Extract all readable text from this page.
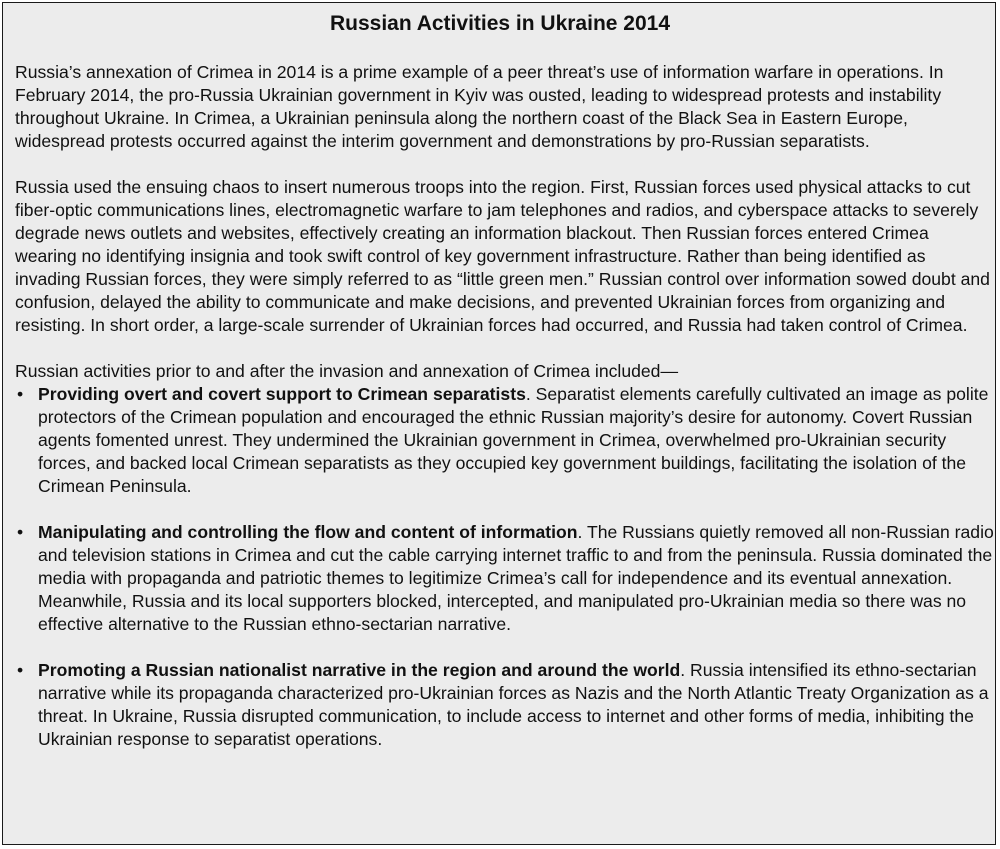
Russian Activities in Ukraine 2014

Russia’s annexation of Crimea in 2014 is a prime example of a peer threat’s use of information warfare in operations. In February 2014, the pro-Russia Ukrainian government in Kyiv was ousted, leading to widespread protests and instability throughout Ukraine. In Crimea, a Ukrainian peninsula along the northern coast of the Black Sea in Eastern Europe, widespread protests occurred against the interim government and demonstrations by pro-Russian separatists.

Russia used the ensuing chaos to insert numerous troops into the region. First, Russian forces used physical attacks to cut fiber-optic communications lines, electromagnetic warfare to jam telephones and radios, and cyberspace attacks to severely degrade news outlets and websites, effectively creating an information blackout. Then Russian forces entered Crimea wearing no identifying insignia and took swift control of key government infrastructure. Rather than being identified as invading Russian forces, they were simply referred to as “little green men.” Russian control over information sowed doubt and confusion, delayed the ability to communicate and make decisions, and prevented Ukrainian forces from organizing and resisting. In short order, a large-scale surrender of Ukrainian forces had occurred, and Russia had taken control of Crimea.

Russian activities prior to and after the invasion and annexation of Crimea included—

• Providing overt and covert support to Crimean separatists. Separatist elements carefully cultivated an image as polite protectors of the Crimean population and encouraged the ethnic Russian majority’s desire for autonomy. Covert Russian agents fomented unrest. They undermined the Ukrainian government in Crimea, overwhelmed pro-Ukrainian security forces, and backed local Crimean separatists as they occupied key government buildings, facilitating the isolation of the Crimean Peninsula.
• Manipulating and controlling the flow and content of information. The Russians quietly removed all non-Russian radio and television stations in Crimea and cut the cable carrying internet traffic to and from the peninsula. Russia dominated the media with propaganda and patriotic themes to legitimize Crimea’s call for independence and its eventual annexation. Meanwhile, Russia and its local supporters blocked, intercepted, and manipulated pro-Ukrainian media so there was no effective alternative to the Russian ethno-sectarian narrative.
• Promoting a Russian nationalist narrative in the region and around the world. Russia intensified its ethno-sectarian narrative while its propaganda characterized pro-Ukrainian forces as Nazis and the North Atlantic Treaty Organization as a threat. In Ukraine, Russia disrupted communication, to include access to internet and other forms of media, inhibiting the Ukrainian response to separatist operations.
